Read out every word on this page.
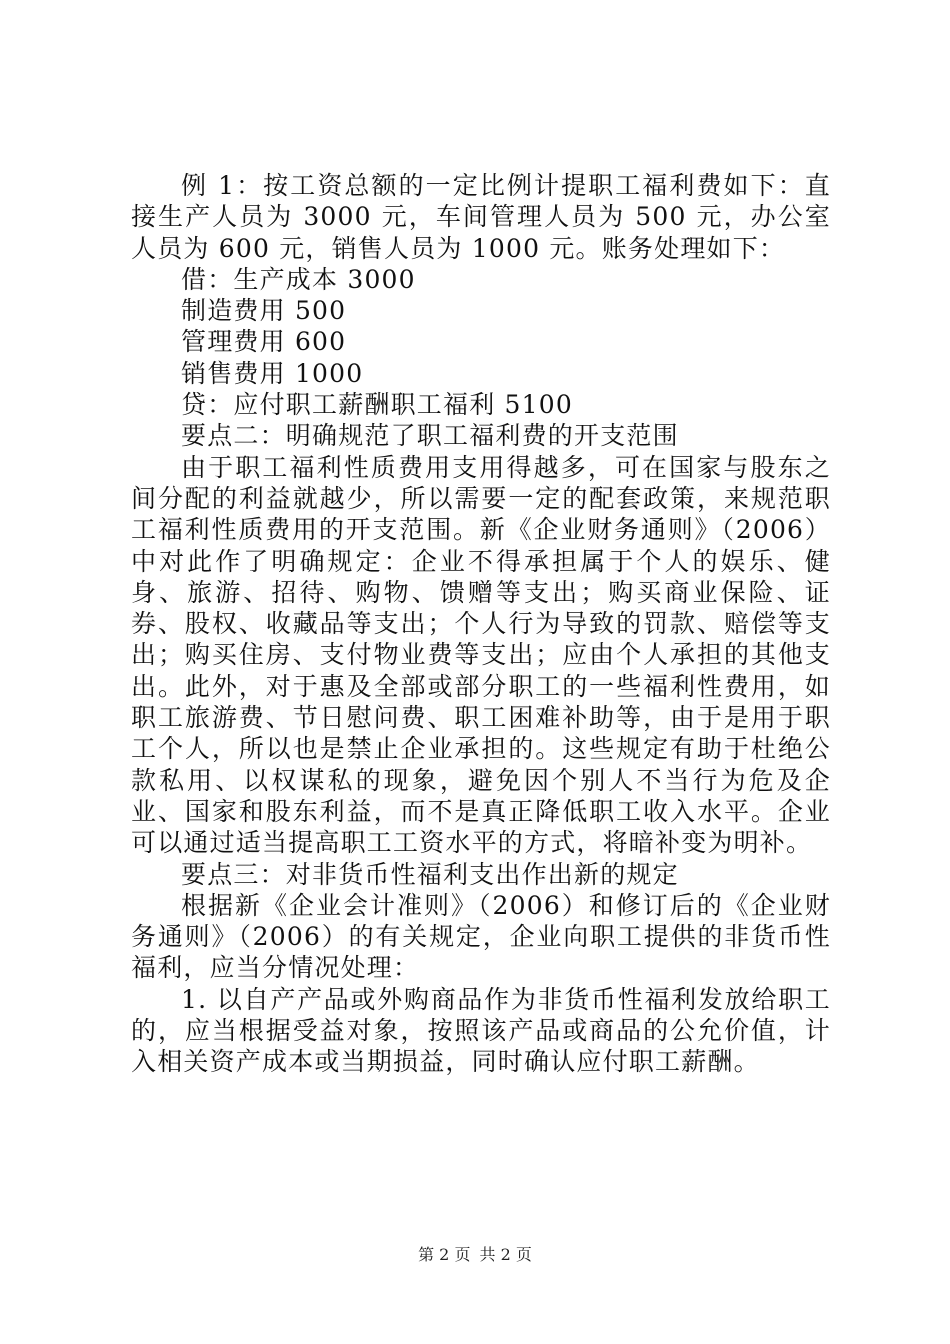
例 1：按工资总额的一定比例计提职工福利费如下：直接生产人员为 3000 元，车间管理人员为 500 元，办公室人员为 600 元，销售人员为 1000 元。账务处理如下：

借：生产成本 3000

制造费用 500

管理费用 600

销售费用 1000

贷：应付职工薪酬职工福利 5100

要点二：明确规范了职工福利费的开支范围

由于职工福利性质费用支用得越多，可在国家与股东之间分配的利益就越少，所以需要一定的配套政策，来规范职工福利性质费用的开支范围。新《企业财务通则》（2006）中对此作了明确规定：企业不得承担属于个人的娱乐、健身、旅游、招待、购物、馈赠等支出；购买商业保险、证券、股权、收藏品等支出；个人行为导致的罚款、赔偿等支出；购买住房、支付物业费等支出；应由个人承担的其他支出。此外，对于惠及全部或部分职工的一些福利性费用，如职工旅游费、节日慰问费、职工困难补助等，由于是用于职工个人，所以也是禁止企业承担的。这些规定有助于杜绝公款私用、以权谋私的现象，避免因个别人不当行为危及企业、国家和股东利益，而不是真正降低职工收入水平。企业可以通过适当提高职工工资水平的方式，将暗补变为明补。

要点三：对非货币性福利支出作出新的规定

根据新《企业会计准则》（2006）和修订后的《企业财务通则》（2006）的有关规定，企业向职工提供的非货币性福利，应当分情况处理：

1. 以自产产品或外购商品作为非货币性福利发放给职工的，应当根据受益对象，按照该产品或商品的公允价值，计入相关资产成本或当期损益，同时确认应付职工薪酬。

第 2 页 共 2 页
